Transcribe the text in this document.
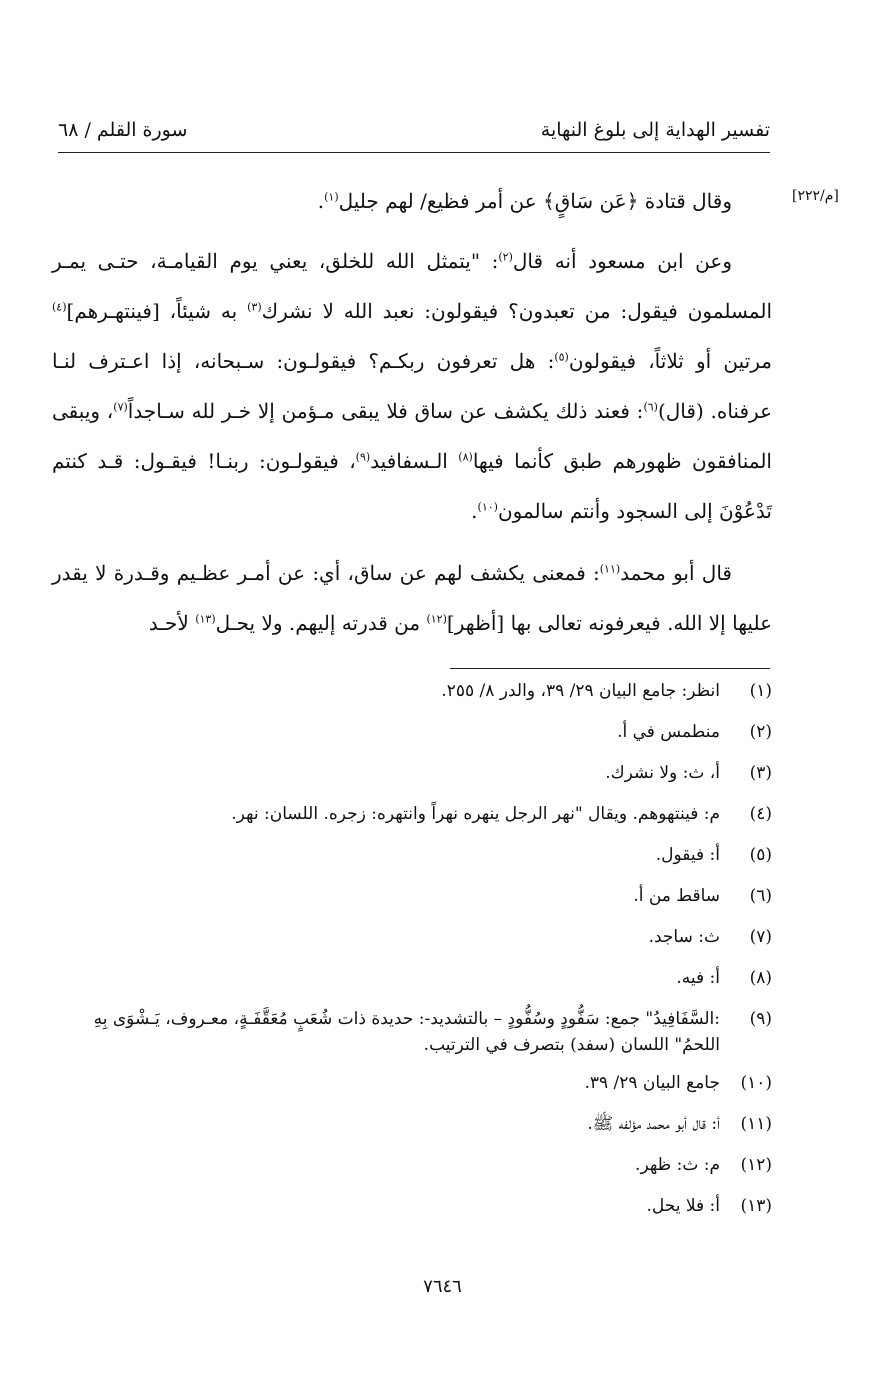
تفسير الهداية إلى بلوغ النهاية
سورة القلم / ٦٨
[م/٢٢٢]

وقال قتادة ﴿عَن سَاقٍ﴾ عن أمر فظيع/ لهم جليل$^{(١)}$.

وعن ابن مسعود أنه قال$^{(٢)}$: "يتمثل الله للخلق، يعني يوم القيامـة، حتـى يمـر المسلمون فيقول: من تعبدون؟ فيقولون: نعبد الله لا نشرك$^{(٣)}$ به شيئاً، [فينتهـرهم]$^{(٤)}$ مرتين أو ثلاثاً، فيقولون$^{(٥)}$: هل تعرفون ربكـم؟ فيقولـون: سـبحانه، إذا اعـترف لنـا عرفناه. (قال)$^{(٦)}$: فعند ذلك يكشف عن ساق فلا يبقى مـؤمن إلا خـر لله سـاجداً$^{(٧)}$، ويبقى المنافقون ظهورهم طبق كأنما فيها$^{(٨)}$ الـسفافيد$^{(٩)}$، فيقولـون: ربنـا! فيقـول: قـد كنتم تَدْعُوْنَ إلى السجود وأنتم سالمون$^{(١٠)}$.

قال أبو محمد$^{(١١)}$: فمعنى يكشف لهم عن ساق، أي: عن أمـر عظـيم وقـدرة لا يقدر عليها إلا الله. فيعرفونه تعالى بها [أظهر]$^{(١٢)}$ من قدرته إليهم. ولا يحـل$^{(١٣)}$ لأحـد

(١)
انظر: جامع البيان ٢٩/ ٣٩، والدر ٨/ ٢٥٥.
(٢)
منطمس في أ.
(٣)
أ، ث: ولا نشرك.
(٤)
م: فينتهوهم. ويقال "نهر الرجل ينهره نهراً وانتهره: زجره. اللسان: نهر.
(٥)
أ: فيقول.
(٦)
ساقط من أ.
(٧)
ث: ساجد.
(٨)
أ: فيه.
(٩)
:السَّفَافِيدُ" جمع: سَفُّودٍ وسُفُّودٍ – بالتشديد-: حديدة ذات شُعَبٍ مُعَقَّفَـةٍ، معـروف، يَـشْوَى بِهِ اللحمُ" اللسان (سفد) بتصرف في الترتيب.
(١٠)
جامع البيان ٢٩/ ٣٩.
(١١)
أ: قال أبو محمد مؤلفه ﷺ.
(١٢)
م: ث: ظهر.
(١٣)
أ: فلا يحل.
٧٦٤٦
